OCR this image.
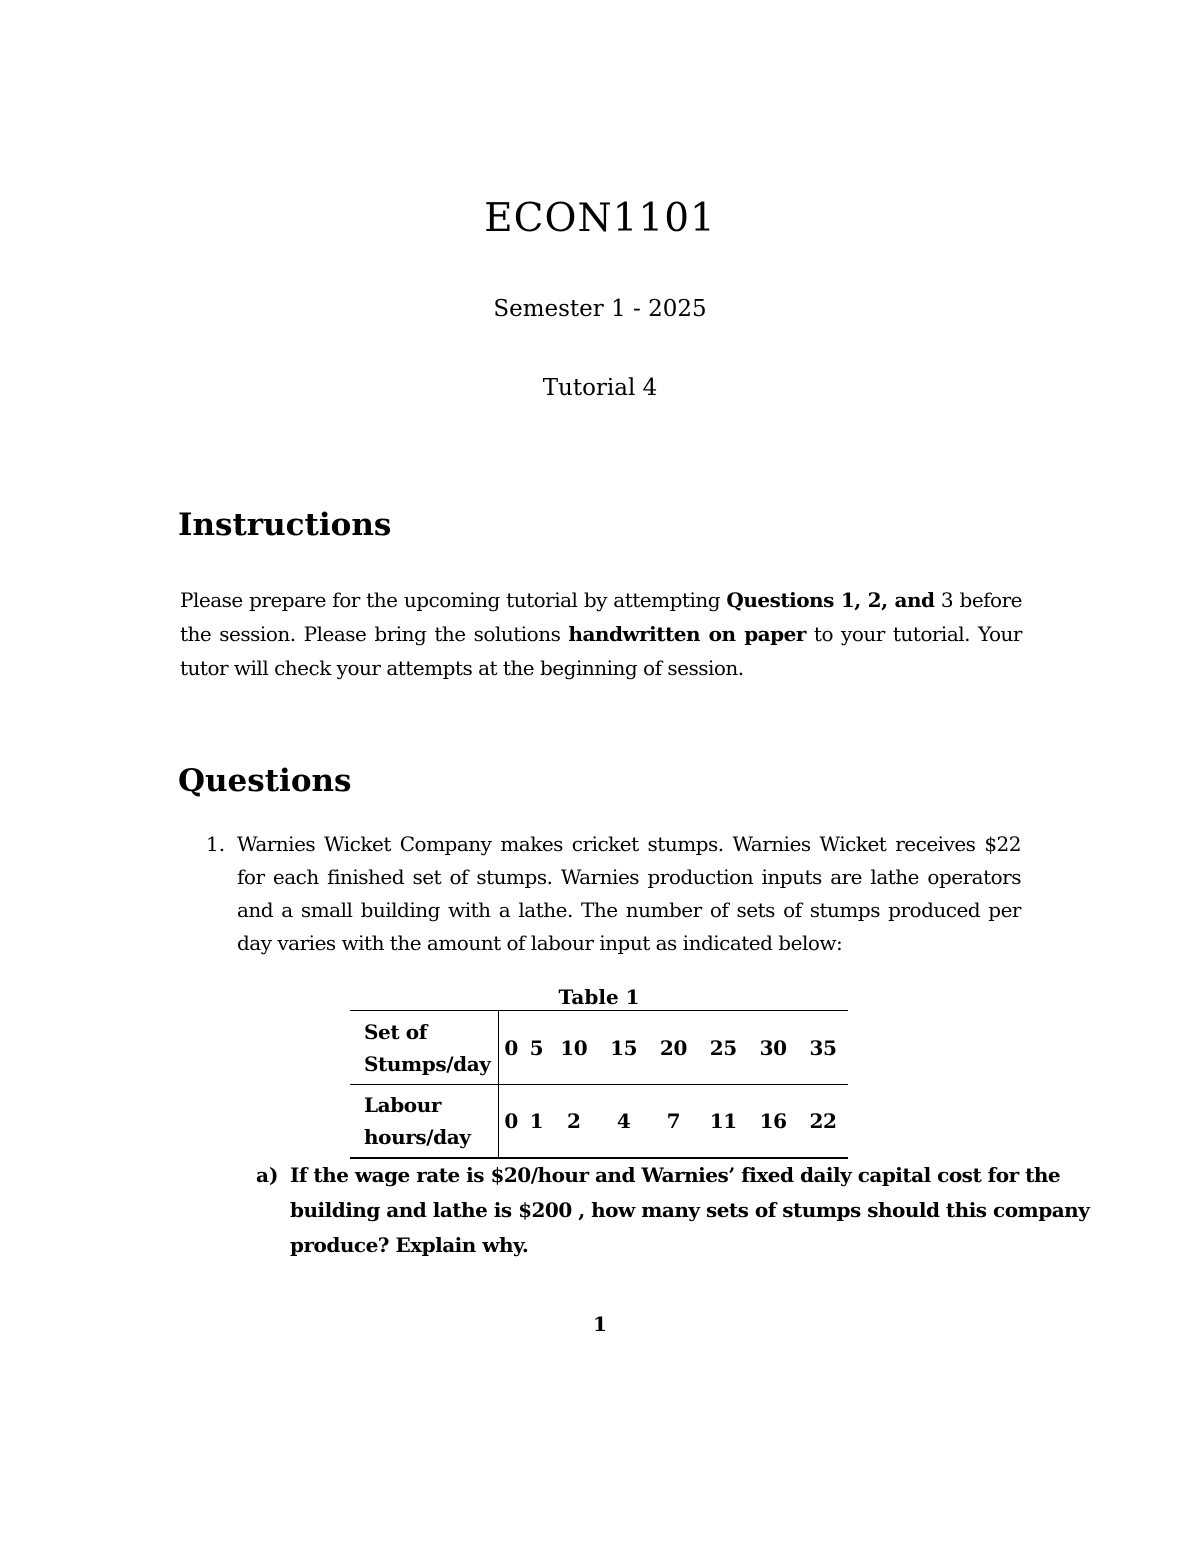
ECON1101
Semester 1 - 2025
Tutorial 4
Instructions
Please prepare for the upcoming tutorial by attempting Questions 1, 2, and 3 before
the session. Please bring the solutions handwritten on paper to your tutorial. Your
tutor will check your attempts at the beginning of session.
Questions
1. Warnies Wicket Company makes cricket stumps. Warnies Wicket receives $22
for each finished set of stumps. Warnies production inputs are lathe operators
and a small building with a lathe. The number of sets of stumps produced per
day varies with the amount of labour input as indicated below:
Table 1
Set of
Stumps/day	0	5	10	15	20	25	30	35
Labour
hours/day	0	1	2	4	7	11	16	22
a) If the wage rate is $20/hour and Warnies’ fixed daily capital cost for the
building and lathe is $200 , how many sets of stumps should this company
produce? Explain why.
1
